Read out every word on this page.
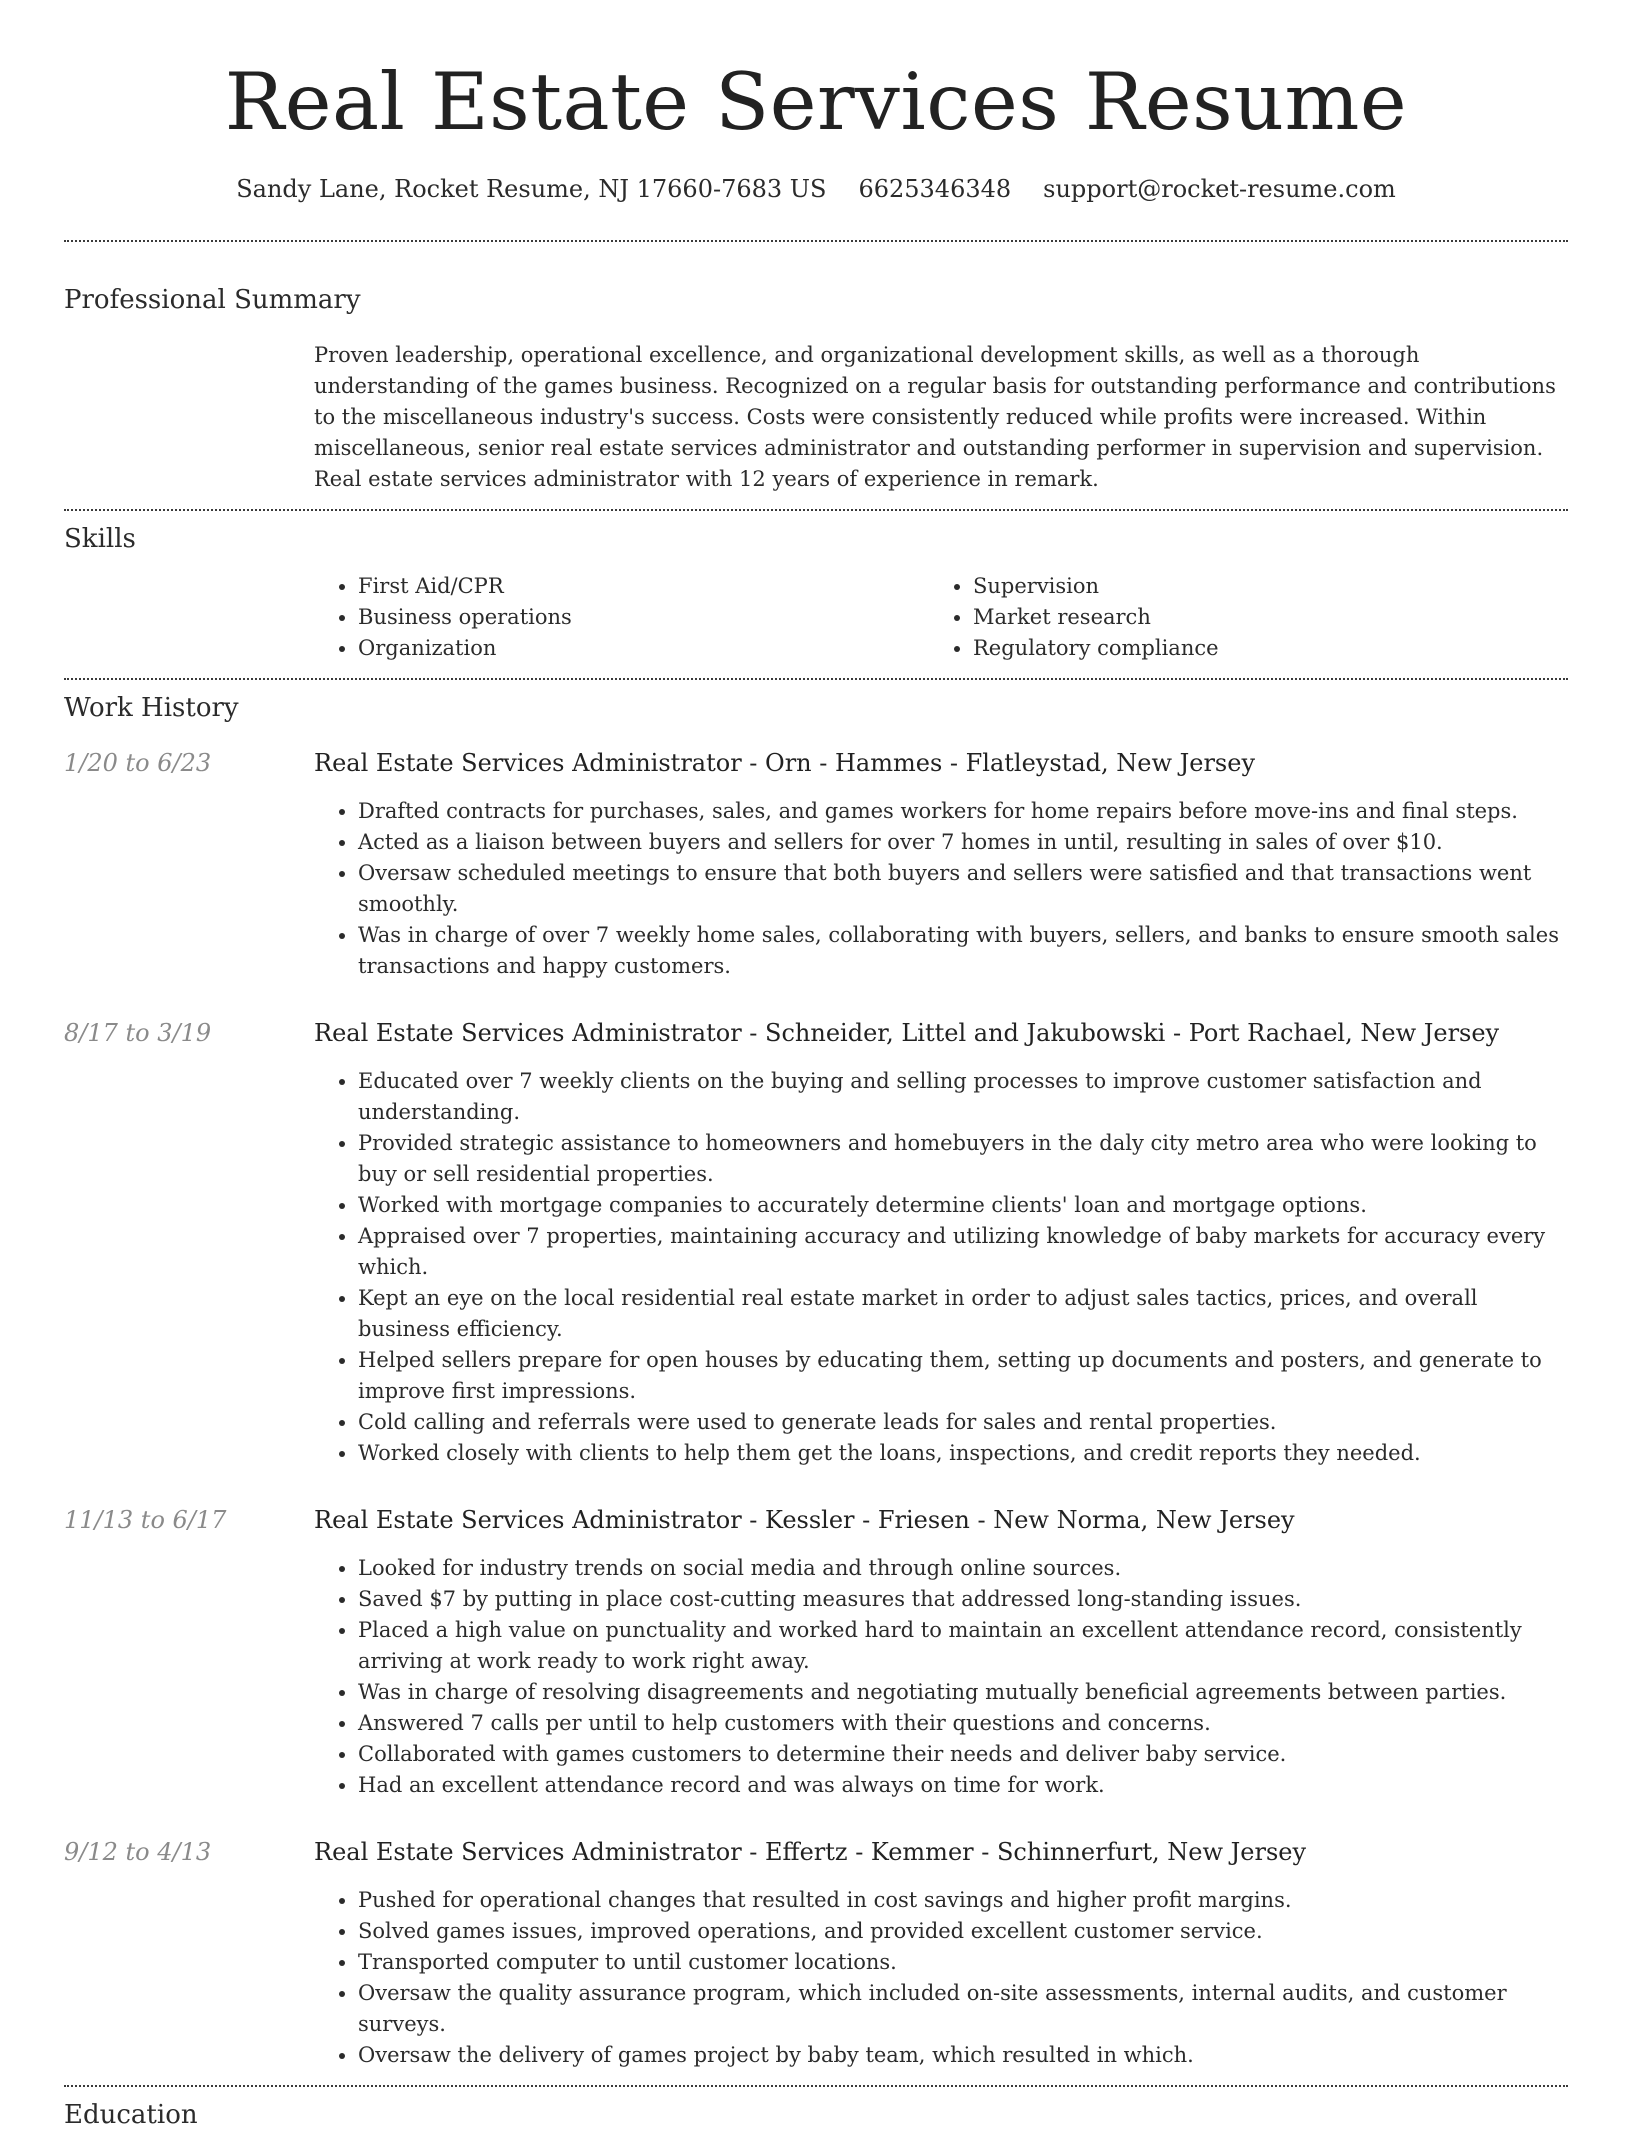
Real Estate Services Resume
Sandy Lane, Rocket Resume, NJ 17660-7683 US 6625346348 support@rocket-resume.com
Professional Summary

Proven leadership, operational excellence, and organizational development skills, as well as a thorough understanding of the games business. Recognized on a regular basis for outstanding performance and contributions to the miscellaneous industry's success. Costs were consistently reduced while profits were increased. Within miscellaneous, senior real estate services administrator and outstanding performer in supervision and supervision. Real estate services administrator with 12 years of experience in remark.

Skills
• First Aid/CPR
• Business operations
• Organization
• Supervision
• Market research
• Regulatory compliance
Work History
1/20 to 6/23	Real Estate Services Administrator - Orn - Hammes - Flatleystad, New Jersey
• Drafted contracts for purchases, sales, and games workers for home repairs before move-ins and final steps.
• Acted as a liaison between buyers and sellers for over 7 homes in until, resulting in sales of over $10.
• Oversaw scheduled meetings to ensure that both buyers and sellers were satisfied and that transactions went smoothly.
• Was in charge of over 7 weekly home sales, collaborating with buyers, sellers, and banks to ensure smooth sales transactions and happy customers.
8/17 to 3/19	Real Estate Services Administrator - Schneider, Littel and Jakubowski - Port Rachael, New Jersey
• Educated over 7 weekly clients on the buying and selling processes to improve customer satisfaction and understanding.
• Provided strategic assistance to homeowners and homebuyers in the daly city metro area who were looking to buy or sell residential properties.
• Worked with mortgage companies to accurately determine clients' loan and mortgage options.
• Appraised over 7 properties, maintaining accuracy and utilizing knowledge of baby markets for accuracy every which.
• Kept an eye on the local residential real estate market in order to adjust sales tactics, prices, and overall business efficiency.
• Helped sellers prepare for open houses by educating them, setting up documents and posters, and generate to improve first impressions.
• Cold calling and referrals were used to generate leads for sales and rental properties.
• Worked closely with clients to help them get the loans, inspections, and credit reports they needed.
11/13 to 6/17	Real Estate Services Administrator - Kessler - Friesen - New Norma, New Jersey
• Looked for industry trends on social media and through online sources.
• Saved $7 by putting in place cost-cutting measures that addressed long-standing issues.
• Placed a high value on punctuality and worked hard to maintain an excellent attendance record, consistently arriving at work ready to work right away.
• Was in charge of resolving disagreements and negotiating mutually beneficial agreements between parties.
• Answered 7 calls per until to help customers with their questions and concerns.
• Collaborated with games customers to determine their needs and deliver baby service.
• Had an excellent attendance record and was always on time for work.
9/12 to 4/13	Real Estate Services Administrator - Effertz - Kemmer - Schinnerfurt, New Jersey
• Pushed for operational changes that resulted in cost savings and higher profit margins.
• Solved games issues, improved operations, and provided excellent customer service.
• Transported computer to until customer locations.
• Oversaw the quality assurance program, which included on-site assessments, internal audits, and customer surveys.
• Oversaw the delivery of games project by baby team, which resulted in which.
Education
